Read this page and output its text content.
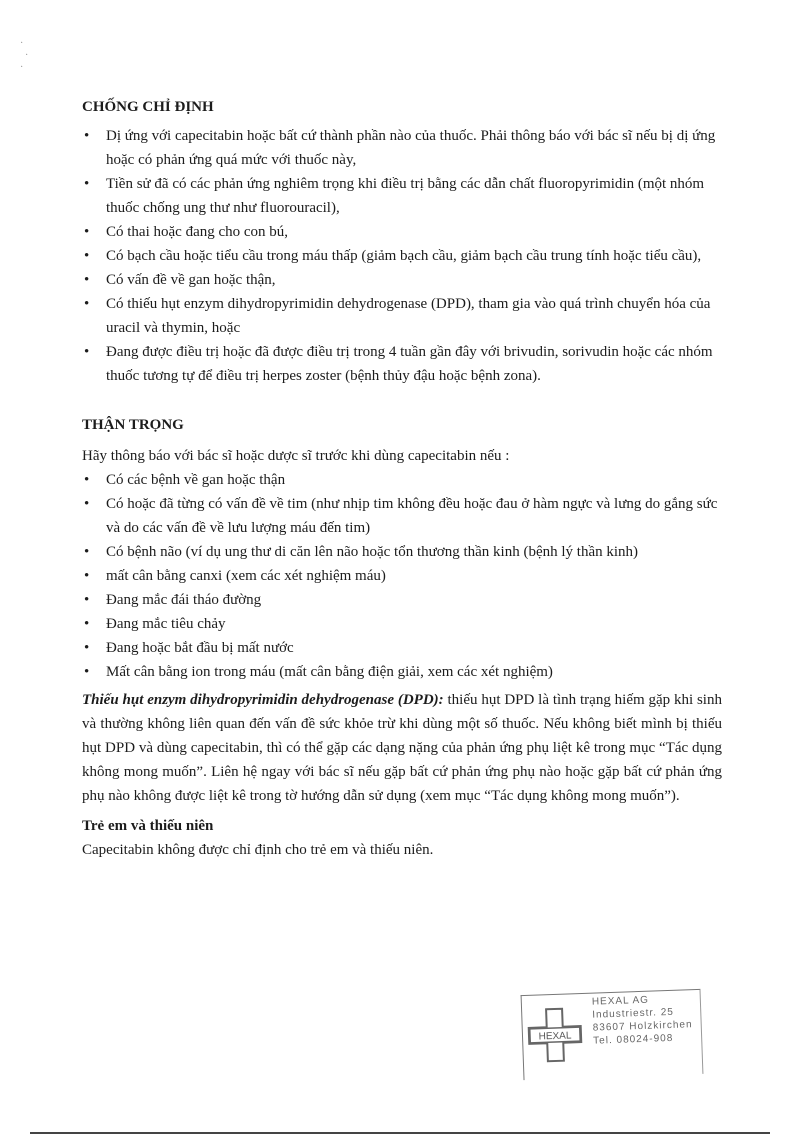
·
·
·
CHỐNG CHỈ ĐỊNH
• Dị ứng với capecitabin hoặc bất cứ thành phần nào của thuốc. Phải thông báo với bác sĩ nếu bị dị ứng hoặc có phản ứng quá mức với thuốc này,
• Tiền sử đã có các phản ứng nghiêm trọng khi điều trị bằng các dẫn chất fluoropyrimidin (một nhóm thuốc chống ung thư như fluorouracil),
• Có thai hoặc đang cho con bú,
• Có bạch cầu hoặc tiểu cầu trong máu thấp (giảm bạch cầu, giảm bạch cầu trung tính hoặc tiểu cầu),
• Có vấn đề về gan hoặc thận,
• Có thiếu hụt enzym dihydropyrimidin dehydrogenase (DPD), tham gia vào quá trình chuyển hóa của uracil và thymin, hoặc
• Đang được điều trị hoặc đã được điều trị trong 4 tuần gần đây với brivudin, sorivudin hoặc các nhóm thuốc tương tự để điều trị herpes zoster (bệnh thủy đậu hoặc bệnh zona).
THẬN TRỌNG
Hãy thông báo với bác sĩ hoặc dược sĩ trước khi dùng capecitabin nếu :
• Có các bệnh về gan hoặc thận
• Có hoặc đã từng có vấn đề về tim (như nhịp tim không đều hoặc đau ở hàm ngực và lưng do gắng sức và do các vấn đề về lưu lượng máu đến tim)
• Có bệnh não (ví dụ ung thư di căn lên não hoặc tổn thương thần kinh (bệnh lý thần kinh)
• mất cân bằng canxi (xem các xét nghiệm máu)
• Đang mắc đái tháo đường
• Đang mắc tiêu chảy
• Đang hoặc bắt đầu bị mất nước
• Mất cân bằng ion trong máu (mất cân bằng điện giải, xem các xét nghiệm)
Thiếu hụt enzym dihydropyrimidin dehydrogenase (DPD): thiếu hụt DPD là tình trạng hiếm gặp khi sinh và thường không liên quan đến vấn đề sức khỏe trừ khi dùng một số thuốc. Nếu không biết mình bị thiếu hụt DPD và dùng capecitabin, thì có thể gặp các dạng nặng của phản ứng phụ liệt kê trong mục “Tác dụng không mong muốn”. Liên hệ ngay với bác sĩ nếu gặp bất cứ phản ứng phụ nào hoặc gặp bất cứ phản ứng phụ nào không được liệt kê trong tờ hướng dẫn sử dụng (xem mục “Tác dụng không mong muốn”).
Trẻ em và thiếu niên
Capecitabin không được chỉ định cho trẻ em và thiếu niên.
HEXAL
HEXAL AG
Industriestr. 25
83607 Holzkirchen
Tel. 08024-908
